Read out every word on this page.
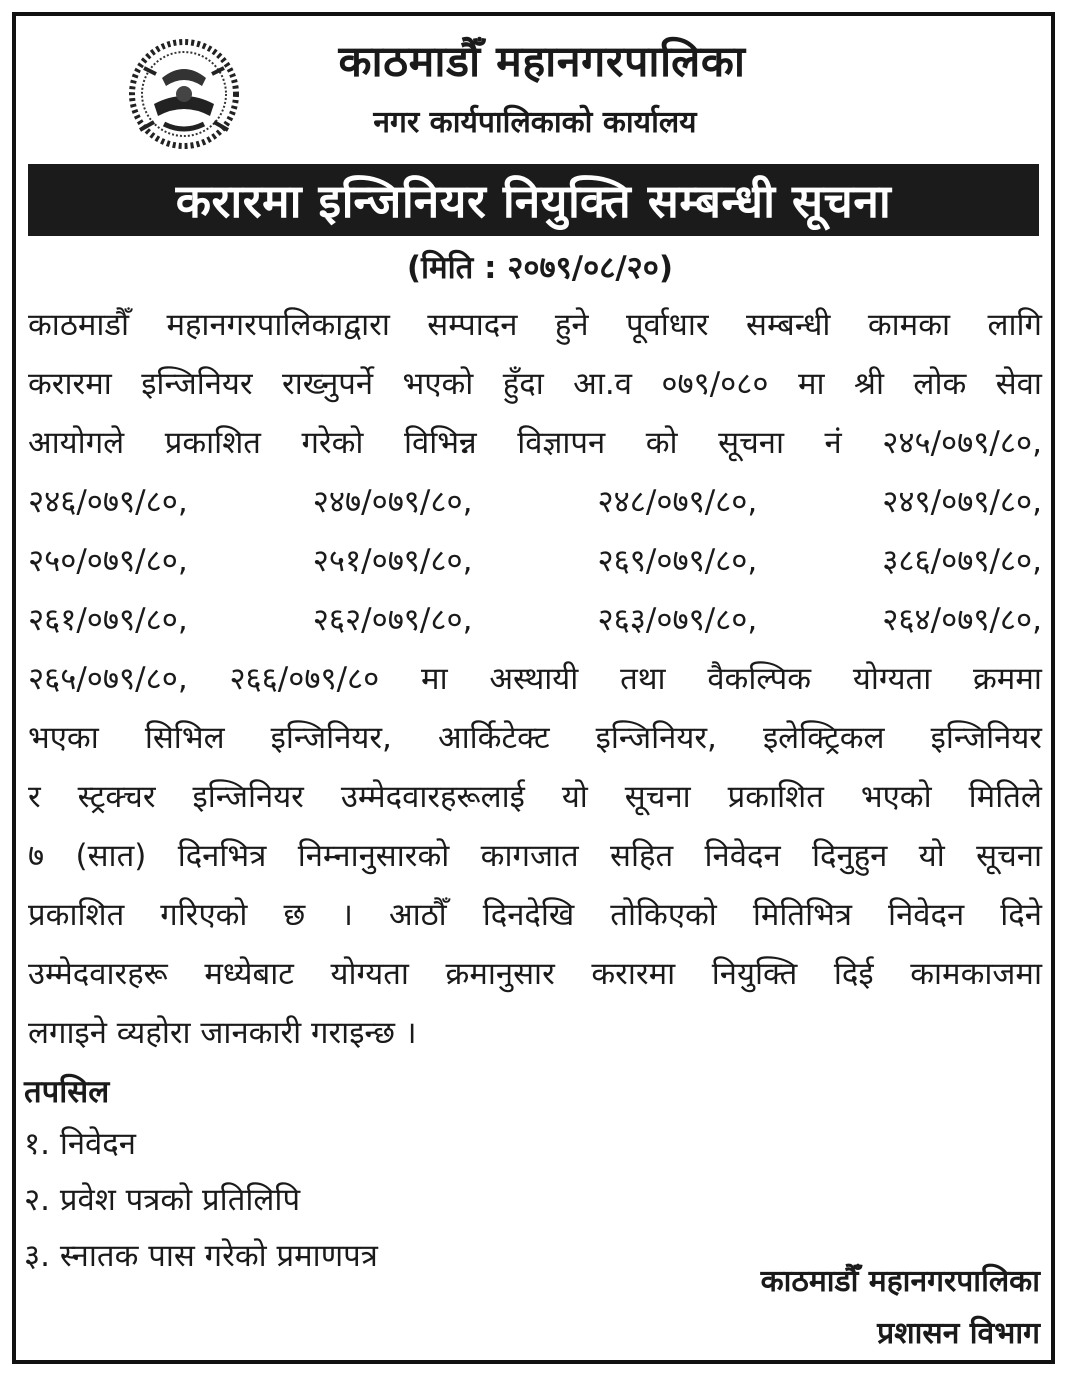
काठमाडौँ महानगरपालिका
नगर कार्यपालिकाको कार्यालय
करारमा इन्जिनियर नियुक्ति सम्बन्धी सूचना
(मिति : २०७९/०८/२०)
काठमाडौँ महानगरपालिकाद्वारा सम्पादन हुने पूर्वाधार सम्बन्धी कामका लागि
करारमा इन्जिनियर राख्नुपर्ने भएको हुँदा आ.व ०७९/०८० मा श्री लोक सेवा
आयोगले प्रकाशित गरेको विभिन्न विज्ञापन को सूचना नं २४५/०७९/८०,
२४६/०७९/८०,	२४७/०७९/८०,	२४८/०७९/८०,	२४९/०७९/८०,
२५०/०७९/८०,	२५१/०७९/८०,	२६९/०७९/८०,	३८६/०७९/८०,
२६१/०७९/८०,	२६२/०७९/८०,	२६३/०७९/८०,	२६४/०७९/८०,
२६५/०७९/८०, २६६/०७९/८० मा अस्थायी तथा वैकल्पिक योग्यता क्रममा
भएका सिभिल इन्जिनियर, आर्किटेक्ट इन्जिनियर, इलेक्ट्रिकल इन्जिनियर
र स्ट्रक्चर इन्जिनियर उम्मेदवारहरूलाई यो सूचना प्रकाशित भएको मितिले
७ (सात) दिनभित्र निम्नानुसारको कागजात सहित निवेदन दिनुहुन यो सूचना
प्रकाशित गरिएको छ । आठौँ दिनदेखि तोकिएको मितिभित्र निवेदन दिने
उम्मेदवारहरू मध्येबाट योग्यता क्रमानुसार करारमा नियुक्ति दिई कामकाजमा
लगाइने व्यहोरा जानकारी गराइन्छ ।
तपसिल
१. निवेदन
२. प्रवेश पत्रको प्रतिलिपि
३. स्नातक पास गरेको प्रमाणपत्र
काठमाडौँ महानगरपालिका
प्रशासन विभाग
